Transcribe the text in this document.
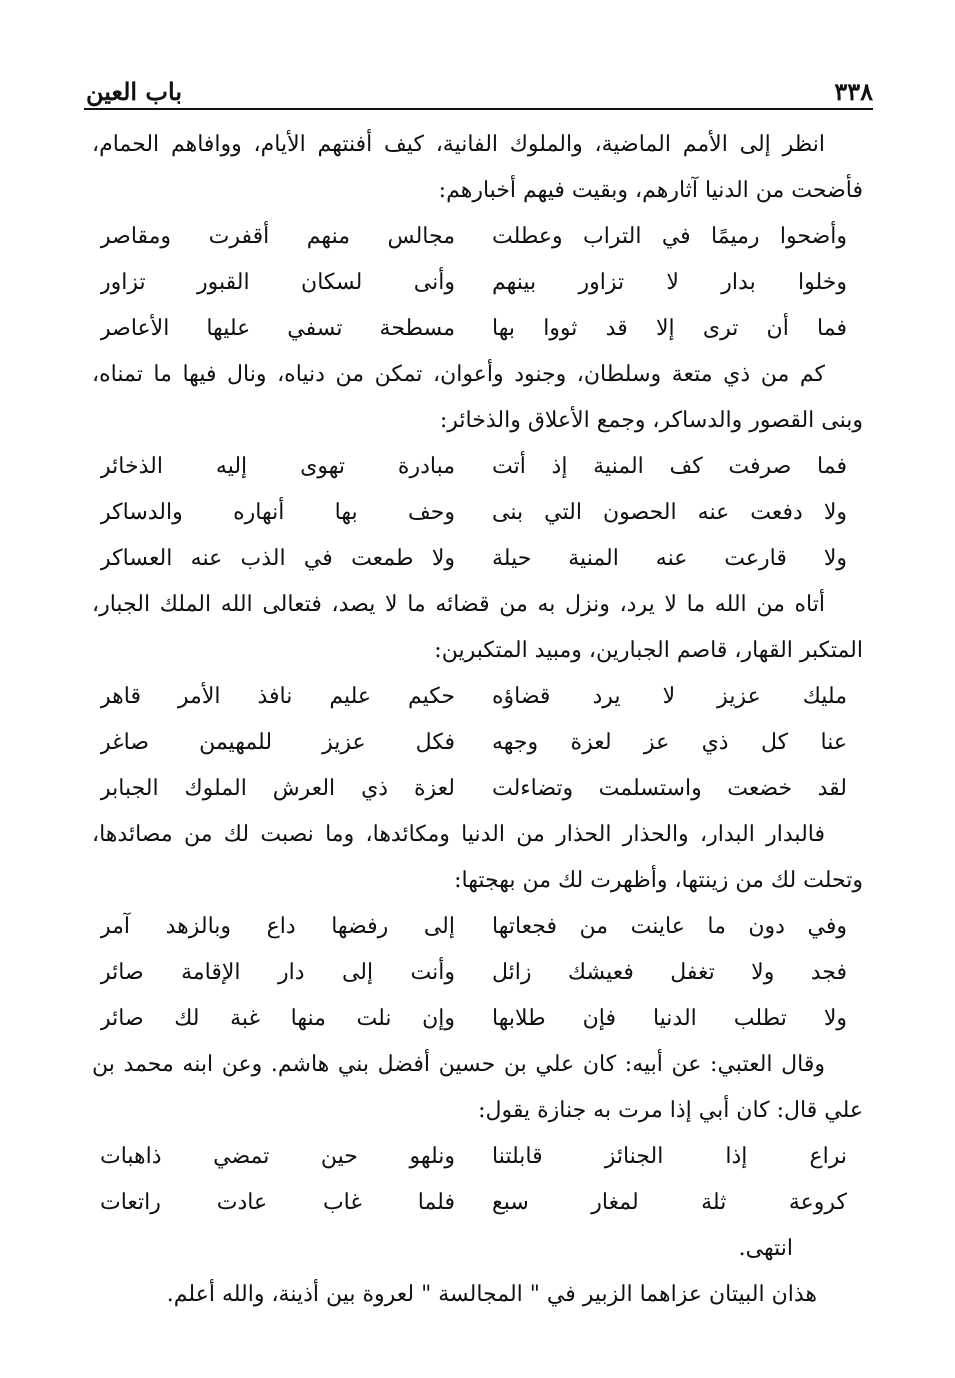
٣٣٨
باب العين

انظر إلى الأمم الماضية، والملوك الفانية، كيف أفنتهم الأيام، ووافاهم الحمام، فأضحت من الدنيا آثارهم، وبقيت فيهم أخبارهم:

وأضحوا رميمًا في التراب وعطلت
مجالس منهم أقفرت ومقاصر
وخلوا بدار لا تزاور بينهم
وأنى لسكان القبور تزاور
فما أن ترى إلا قد ثووا بها
مسطحة تسفي عليها الأعاصر

كم من ذي متعة وسلطان، وجنود وأعوان، تمكن من دنياه، ونال فيها ما تمناه، وبنى القصور والدساكر، وجمع الأعلاق والذخائر:

فما صرفت كف المنية إذ أتت
مبادرة تهوى إليه الذخائر
ولا دفعت عنه الحصون التي بنى
وحف بها أنهاره والدساكر
ولا قارعت عنه المنية حيلة
ولا طمعت في الذب عنه العساكر

أتاه من الله ما لا يرد، ونزل به من قضائه ما لا يصد، فتعالى الله الملك الجبار، المتكبر القهار، قاصم الجبارين، ومبيد المتكبرين:

مليك عزيز لا يرد قضاؤه
حكيم عليم نافذ الأمر قاهر
عنا كل ذي عز لعزة وجهه
فكل عزيز للمهيمن صاغر
لقد خضعت واستسلمت وتضاءلت
لعزة ذي العرش الملوك الجبابر

فالبدار البدار، والحذار الحذار من الدنيا ومكائدها، وما نصبت لك من مصائدها، وتحلت لك من زينتها، وأظهرت لك من بهجتها:

وفي دون ما عاينت من فجعاتها
إلى رفضها داع وبالزهد آمر
فجد ولا تغفل فعيشك زائل
وأنت إلى دار الإقامة صائر
ولا تطلب الدنيا فإن طلابها
وإن نلت منها غبة لك صائر

وقال العتبي: عن أبيه: كان علي بن حسين أفضل بني هاشم. وعن ابنه محمد بن علي قال: كان أبي إذا مرت به جنازة يقول:

نراع إذا الجنائز قابلتنا
ونلهو حين تمضي ذاهبات
كروعة ثلة لمغار سبع
فلما غاب عادت راتعات

انتهى.

هذان البيتان عزاهما الزبير في " المجالسة " لعروة بين أذينة، والله أعلم.
